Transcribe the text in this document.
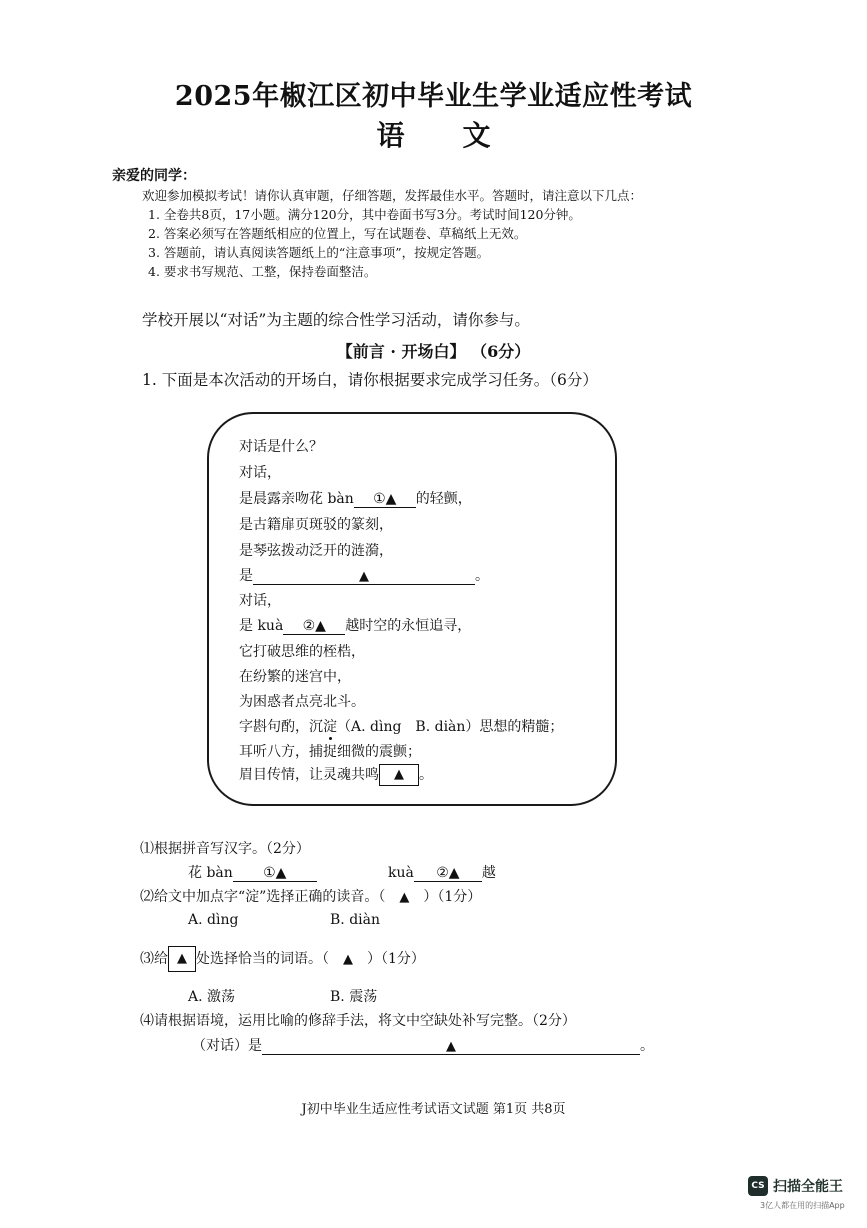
2025年椒江区初中毕业生学业适应性考试
语文
亲爱的同学：
欢迎参加模拟考试！请你认真审题，仔细答题，发挥最佳水平。答题时，请注意以下几点：
1. 全卷共8页，17小题。满分120分，其中卷面书写3分。考试时间120分钟。
2. 答案必须写在答题纸相应的位置上，写在试题卷、草稿纸上无效。
3. 答题前，请认真阅读答题纸上的“注意事项”，按规定答题。
4. 要求书写规范、工整，保持卷面整洁。
学校开展以“对话”为主题的综合性学习活动，请你参与。
【前言 · 开场白】 （6分）
1. 下面是本次活动的开场白，请你根据要求完成学习任务。（6分）
对话是什么？
对话，
是晨露亲吻花 bàn ①▲ 的轻颤，
是古籍扉页斑驳的篆刻，
是琴弦拨动泛开的涟漪，
是	▲	。
对话，
是 kuà ②▲ 越时空的永恒追寻，
它打破思维的桎梏，
在纷繁的迷宫中，
为困惑者点亮北斗。
字斟句酌，沉淀（A. dìng　B. diàn）思想的精髓；
耳听八方，捕捉细微的震颤；
眉目传情，让灵魂共鸣 ▲ 。
⑴根据拼音写汉字。（2分）
花 bàn ①▲	kuà ②▲ 越
⑵给文中加点字“淀”选择正确的读音。（ ▲ ）（1分）
A. dìng	B. diàn
⑶给 ▲ 处选择恰当的词语。（ ▲ ）（1分）
A. 激荡	B. 震荡
⑷请根据语境，运用比喻的修辞手法，将文中空缺处补写完整。（2分）
（对话）是	▲	。
J初中毕业生适应性考试语文试题 第1页 共8页
CS 扫描全能王
3亿人都在用的扫描App
